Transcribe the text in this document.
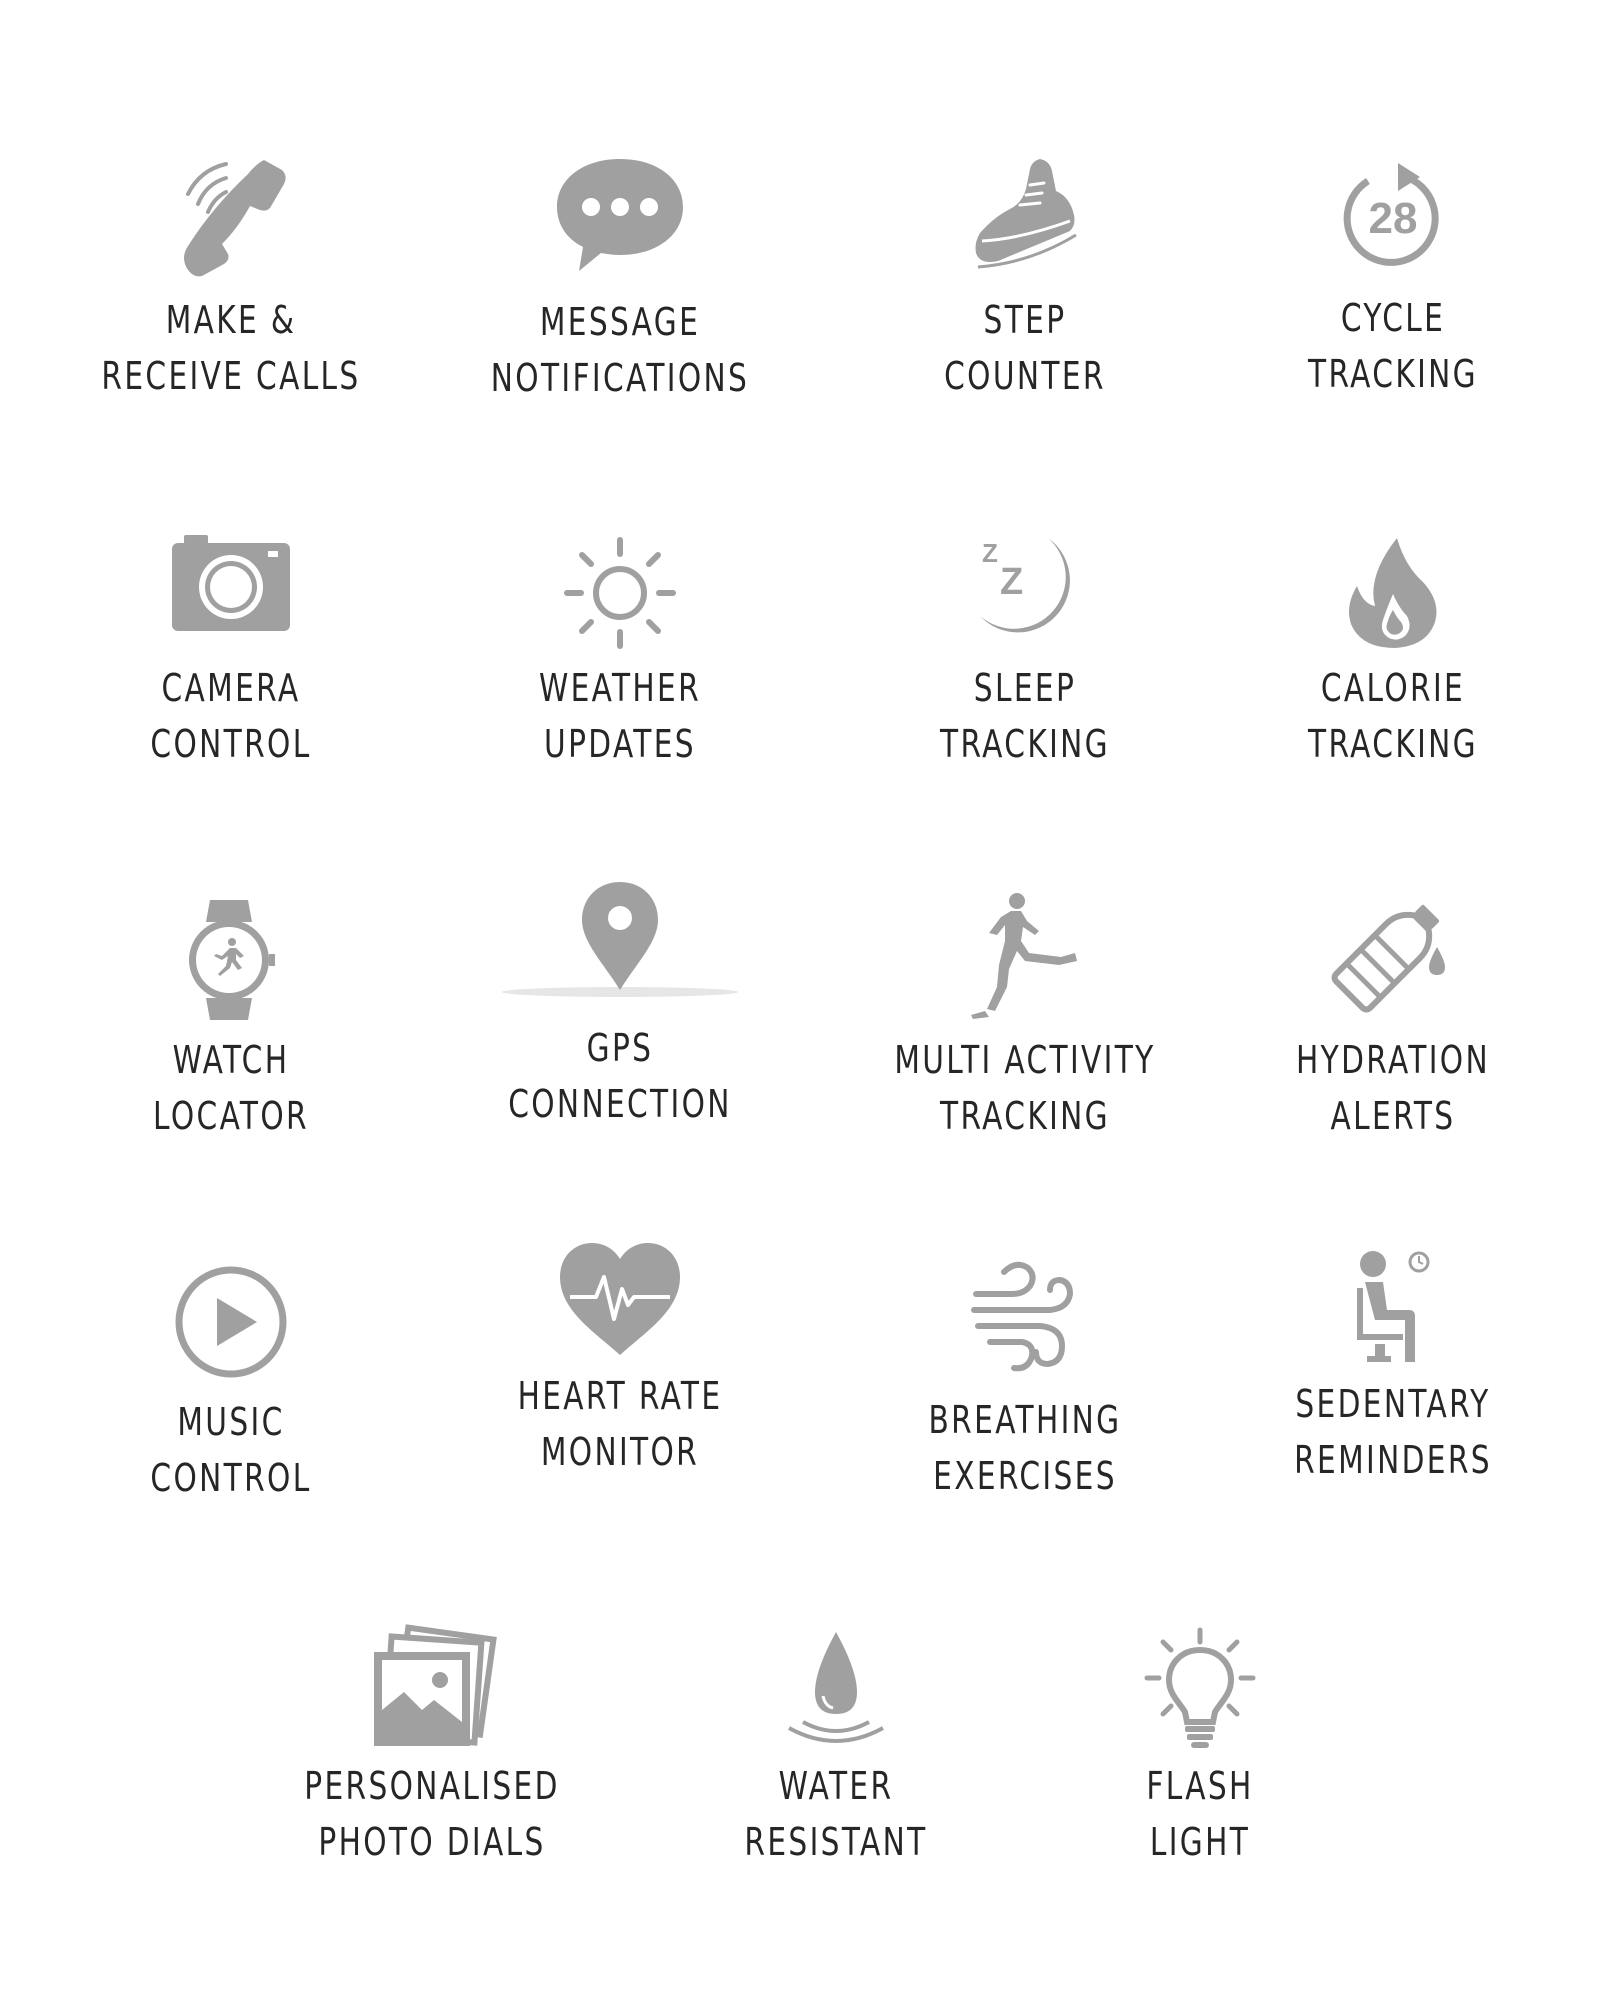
MAKE &
RECEIVE CALLS
MESSAGE
NOTIFICATIONS
STEP
COUNTER
28
CYCLE
TRACKING
CAMERA
CONTROL
WEATHER
UPDATES
Z
Z
SLEEP
TRACKING
CALORIE
TRACKING
WATCH
LOCATOR
GPS
CONNECTION
MULTI ACTIVITY
TRACKING
HYDRATION
ALERTS
MUSIC
CONTROL
HEART RATE
MONITOR
BREATHING
EXERCISES
SEDENTARY
REMINDERS
PERSONALISED
PHOTO DIALS
WATER
RESISTANT
FLASH
LIGHT
